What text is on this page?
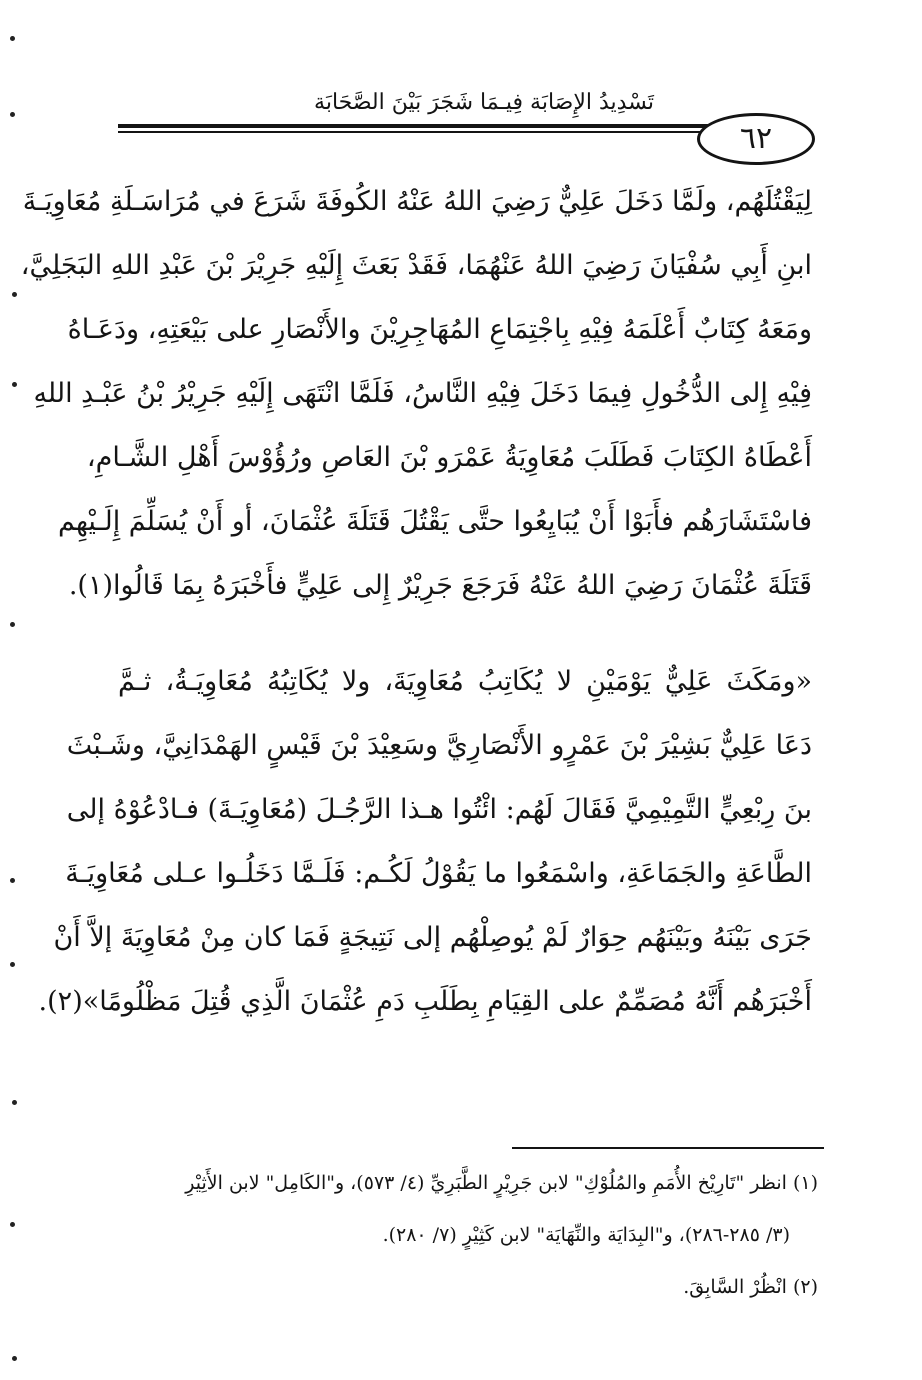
تَسْدِيدُ الإِصَابَة فِيـمَا شَجَرَ بَيْنَ الصَّحَابَة
٦٢
لِيَقْتُلَهُم، ولَمَّا دَخَلَ عَلِيٌّ رَضِيَ اللهُ عَنْهُ الكُوفَةَ شَرَعَ في مُرَاسَـلَةِ مُعَاوِيَـةَ
ابنِ أَبِي سُفْيَانَ رَضِيَ اللهُ عَنْهُمَا، فَقَدْ بَعَثَ إِلَيْهِ جَرِيْرَ بْنَ عَبْدِ اللهِ البَجَلِيَّ،
ومَعَهُ كِتَابٌ أَعْلَمَهُ فِيْهِ بِاجْتِمَاعِ المُهَاجِرِيْنَ والأَنْصَارِ على بَيْعَتِهِ، ودَعَـاهُ
فِيْهِ إِلى الدُّخُولِ فِيمَا دَخَلَ فِيْهِ النَّاسُ، فَلَمَّا انْتَهَى إِلَيْهِ جَرِيْرُ بْنُ عَبْـدِ اللهِ
أَعْطَاهُ الكِتَابَ فَطَلَبَ مُعَاوِيَةُ عَمْرَو بْنَ العَاصِ ورُؤُوْسَ أَهْلِ الشَّـامِ،
فاسْتَشَارَهُم فأَبَوْا أَنْ يُبَايِعُوا حتَّى يَقْتُلَ قَتَلَةَ عُثْمَانَ، أو أَنْ يُسَلِّمَ إِلَـيْهِم
قَتَلَةَ عُثْمَانَ رَضِيَ اللهُ عَنْهُ فَرَجَعَ جَرِيْرٌ إِلى عَلِيٍّ فأَخْبَرَهُ بِمَا قَالُوا(١).
«ومَكَثَ عَلِيٌّ يَوْمَيْنِ لا يُكَاتِبُ مُعَاوِيَةَ، ولا يُكَاتِبُهُ مُعَاوِيَـةُ، ثـمَّ
دَعَا عَلِيٌّ بَشِيْرَ بْنَ عَمْرٍو الأَنْصَارِيَّ وسَعِيْدَ بْنَ قَيْسٍ الهَمْدَانِيَّ، وشَـبْثَ
بنَ رِبْعِيٍّ التَّمِيْمِيَّ فَقَالَ لَهُم: ائْتُوا هـذا الرَّجُـلَ (مُعَاوِيَـةَ) فـادْعُوْهُ إلى
الطَّاعَةِ والجَمَاعَةِ، واسْمَعُوا ما يَقُوْلُ لَكُـم: فَلَـمَّا دَخَلُـوا عـلى مُعَاوِيَـةَ
جَرَى بَيْنَهُ وبَيْنَهُم حِوَارٌ لَمْ يُوصِلْهُم إلى نَتِيجَةٍ فَمَا كان مِنْ مُعَاوِيَةَ إلاَّ أَنْ
أَخْبَرَهُم أَنَّهُ مُصَمِّمٌ على القِيَامِ بِطَلَبِ دَمِ عُثْمَانَ الَّذِي قُتِلَ مَظْلُومًا»(٢).
(١) انظر "تَارِيْخ الأُمَمِ والمُلُوْكِ" لابن جَرِيْرٍ الطَّبَرِيِّ (٤/ ٥٧٣)، و"الكَامِل" لابن الأَثِيْرِ
(٣/ ٢٨٥-٢٨٦)، و"البِدَايَة والنِّهَايَة" لابن كَثِيْرٍ (٧/ ٢٨٠).
(٢) انْظُرْ السَّابِقَ.
